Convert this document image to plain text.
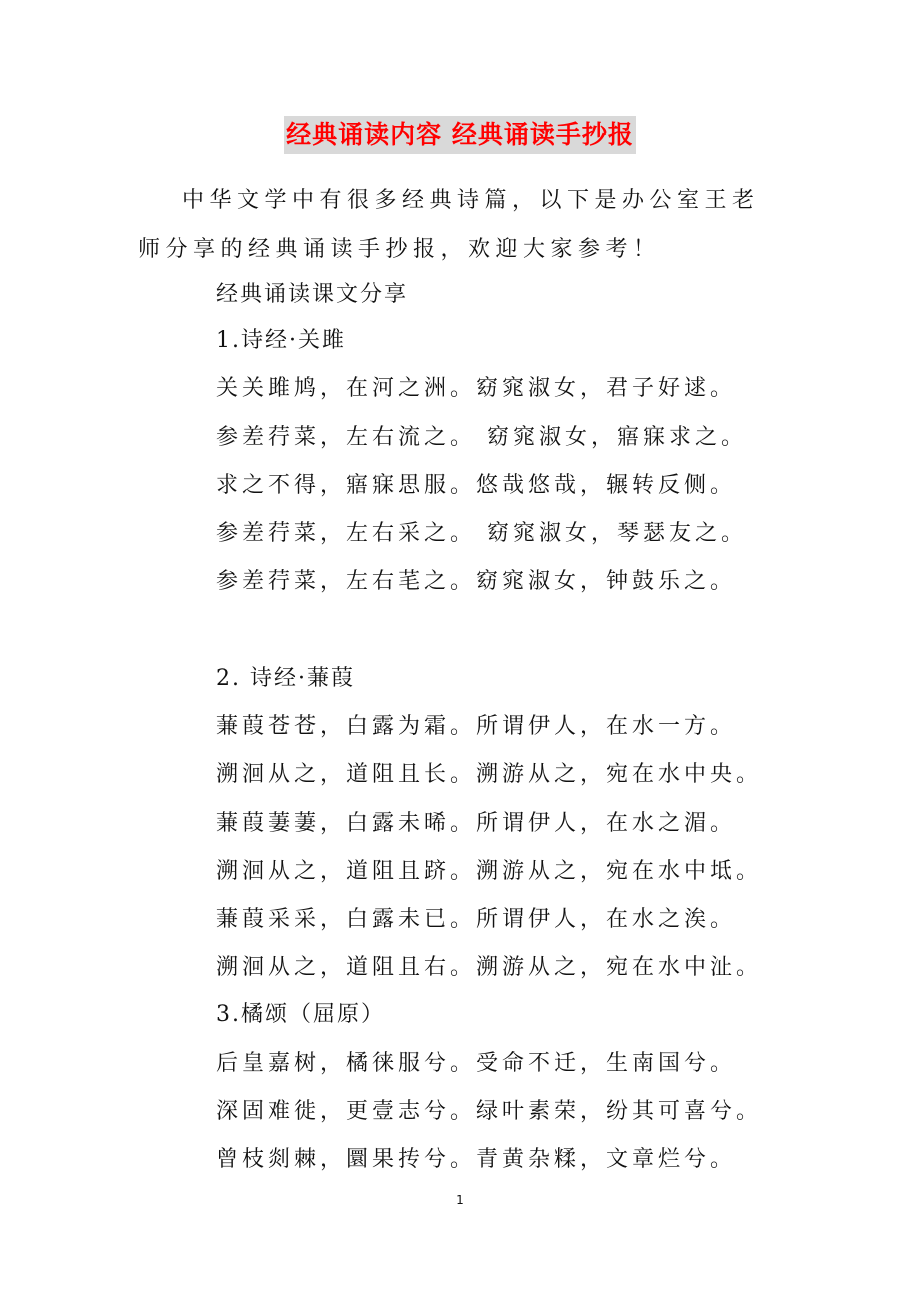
经典诵读内容 经典诵读手抄报

中华文学中有很多经典诗篇，以下是办公室王老师分享的经典诵读手抄报，欢迎大家参考！

经典诵读课文分享

1.诗经·关雎

关关雎鸠，在河之洲。窈窕淑女，君子好逑。

参差荇菜，左右流之。 窈窕淑女，寤寐求之。

求之不得，寤寐思服。悠哉悠哉，辗转反侧。

参差荇菜，左右采之。 窈窕淑女，琴瑟友之。

参差荇菜，左右芼之。窈窕淑女，钟鼓乐之。

2. 诗经·蒹葭

蒹葭苍苍，白露为霜。所谓伊人，在水一方。

溯洄从之，道阻且长。溯游从之，宛在水中央。

蒹葭萋萋，白露未晞。所谓伊人，在水之湄。

溯洄从之，道阻且跻。溯游从之，宛在水中坻。

蒹葭采采，白露未已。所谓伊人，在水之涘。

溯洄从之，道阻且右。溯游从之，宛在水中沚。

3.橘颂（屈原）

后皇嘉树，橘徕服兮。受命不迁，生南国兮。

深固难徙，更壹志兮。绿叶素荣，纷其可喜兮。

曾枝剡棘，圜果抟兮。青黄杂糅，文章烂兮。

1
